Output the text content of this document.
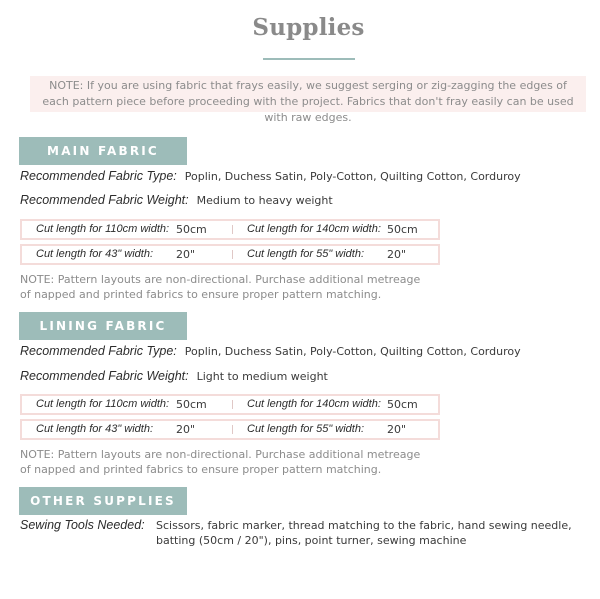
Supplies
NOTE: If you are using fabric that frays easily, we suggest serging or zig-zagging the edges of each pattern piece before proceeding with the project. Fabrics that don't fray easily can be used with raw edges.
MAIN FABRIC
Recommended Fabric Type: Poplin, Duchess Satin, Poly-Cotton, Quilting Cotton, Corduroy
Recommended Fabric Weight: Medium to heavy weight
Cut length for 110cm width: 50cm	Cut length for 140cm width: 50cm
Cut length for 43" width: 20"	Cut length for 55" width: 20"
NOTE: Pattern layouts are non-directional. Purchase additional metreage of napped and printed fabrics to ensure proper pattern matching.
LINING FABRIC
Recommended Fabric Type: Poplin, Duchess Satin, Poly-Cotton, Quilting Cotton, Corduroy
Recommended Fabric Weight: Light to medium weight
Cut length for 110cm width: 50cm	Cut length for 140cm width: 50cm
Cut length for 43" width: 20"	Cut length for 55" width: 20"
NOTE: Pattern layouts are non-directional. Purchase additional metreage of napped and printed fabrics to ensure proper pattern matching.
OTHER SUPPLIES
Sewing Tools Needed: Scissors, fabric marker, thread matching to the fabric, hand sewing needle, batting (50cm / 20"), pins, point turner, sewing machine
